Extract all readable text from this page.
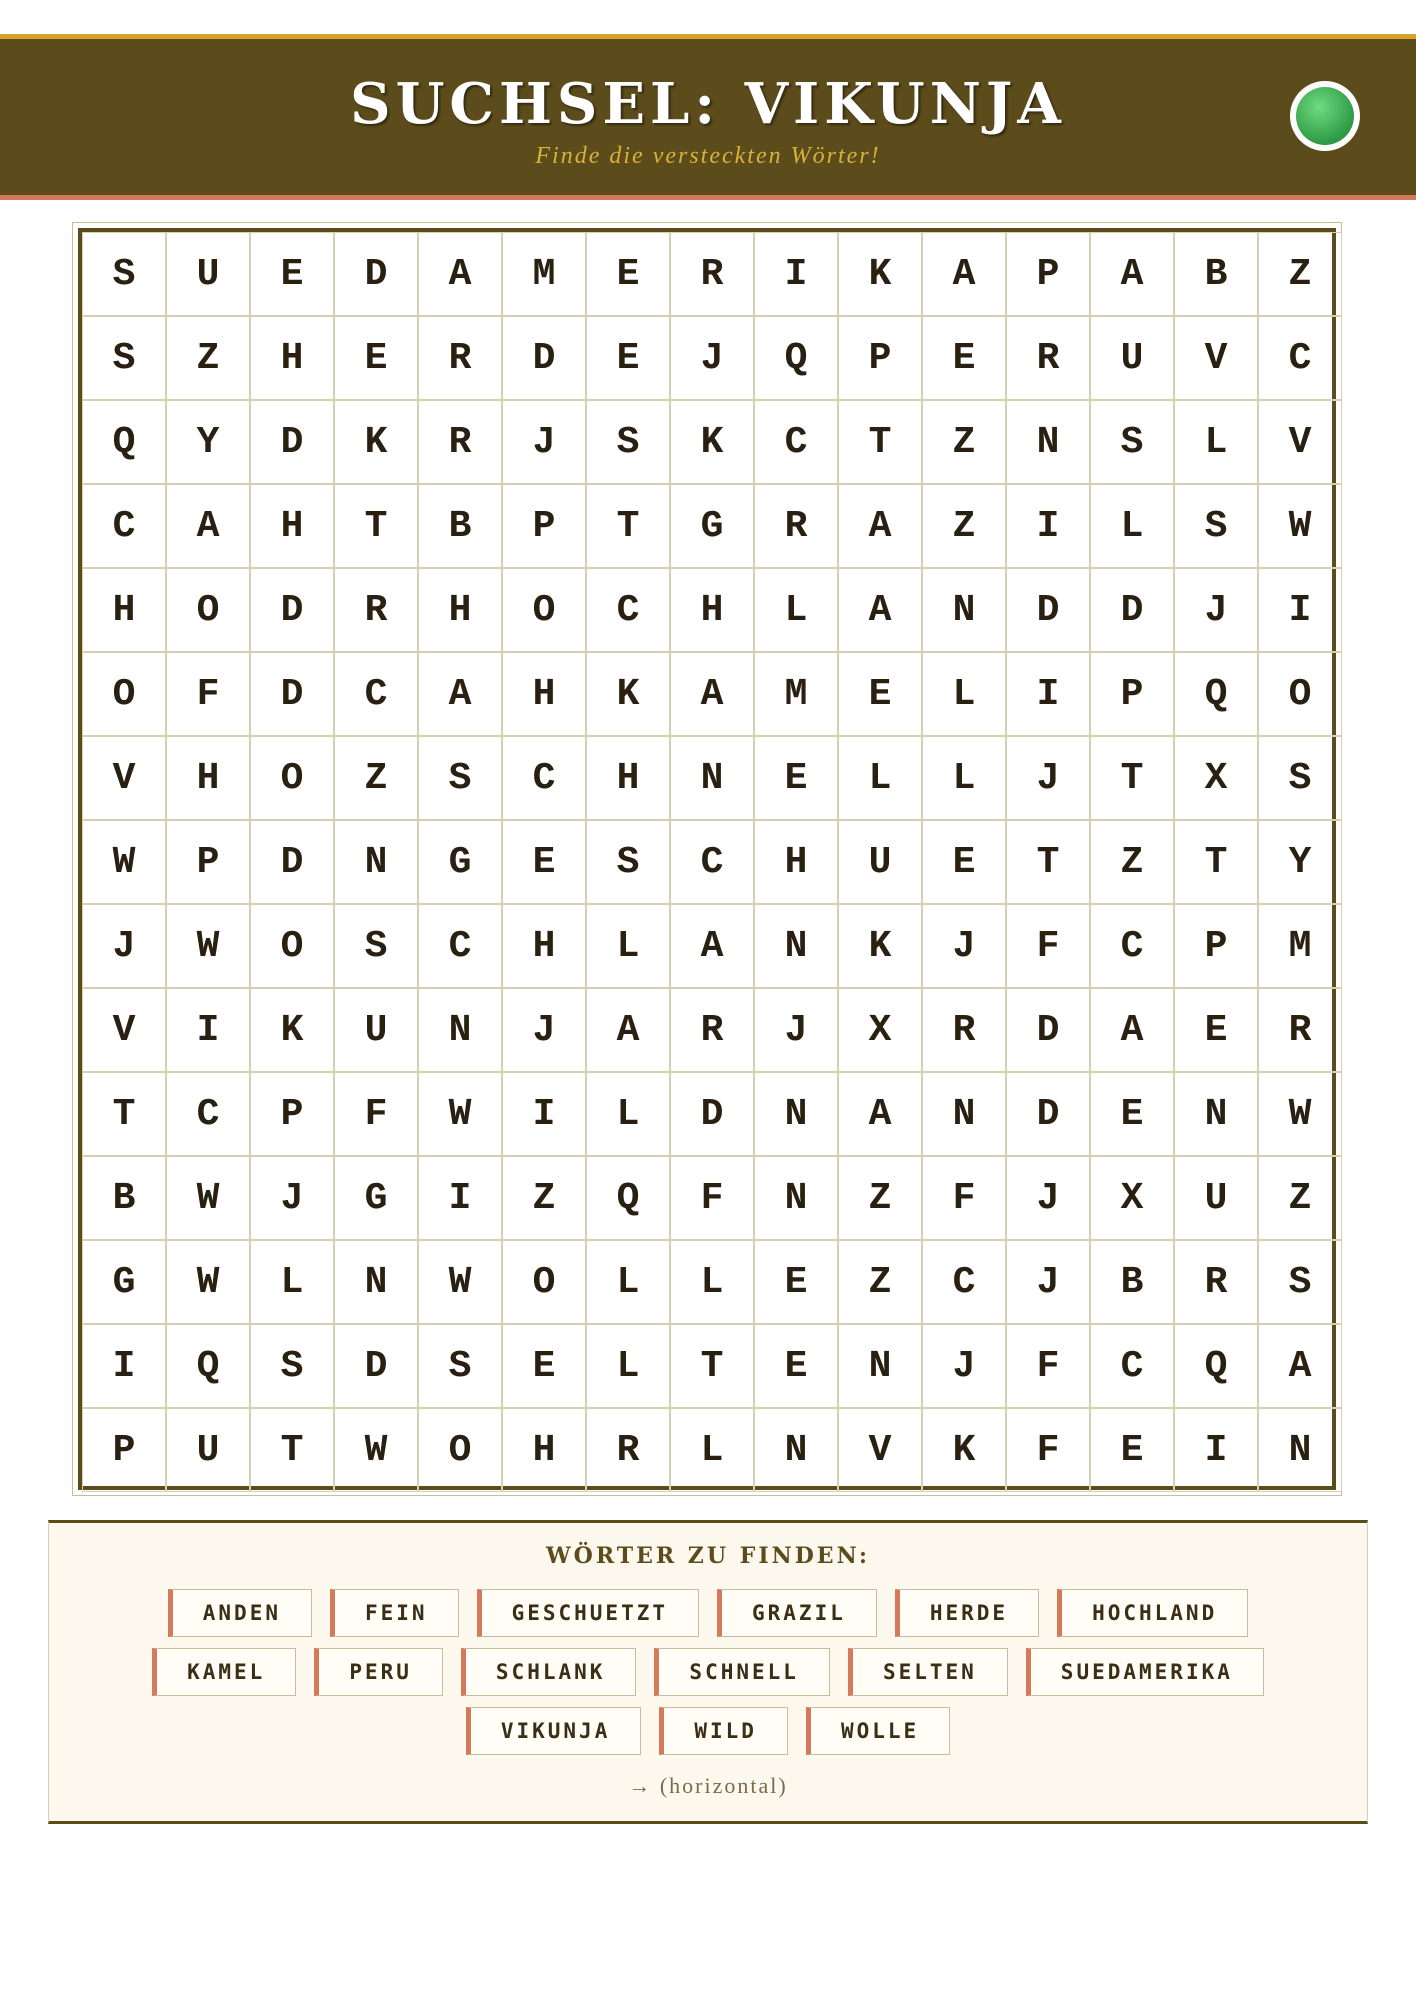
SUCHSEL: VIKUNJA
Finde die versteckten Wörter!
S	U	E	D	A	M	E	R	I	K	A	P	A	B	Z
S	Z	H	E	R	D	E	J	Q	P	E	R	U	V	C
Q	Y	D	K	R	J	S	K	C	T	Z	N	S	L	V
C	A	H	T	B	P	T	G	R	A	Z	I	L	S	W
H	O	D	R	H	O	C	H	L	A	N	D	D	J	I
O	F	D	C	A	H	K	A	M	E	L	I	P	Q	O
V	H	O	Z	S	C	H	N	E	L	L	J	T	X	S
W	P	D	N	G	E	S	C	H	U	E	T	Z	T	Y
J	W	O	S	C	H	L	A	N	K	J	F	C	P	M
V	I	K	U	N	J	A	R	J	X	R	D	A	E	R
T	C	P	F	W	I	L	D	N	A	N	D	E	N	W
B	W	J	G	I	Z	Q	F	N	Z	F	J	X	U	Z
G	W	L	N	W	O	L	L	E	Z	C	J	B	R	S
I	Q	S	D	S	E	L	T	E	N	J	F	C	Q	A
P	U	T	W	O	H	R	L	N	V	K	F	E	I	N
WÖRTER ZU FINDEN:
ANDEN	FEIN	GESCHUETZT	GRAZIL	HERDE	HOCHLAND
KAMEL	PERU	SCHLANK	SCHNELL	SELTEN	SUEDAMERIKA
VIKUNJA	WILD	WOLLE
→ (horizontal)
